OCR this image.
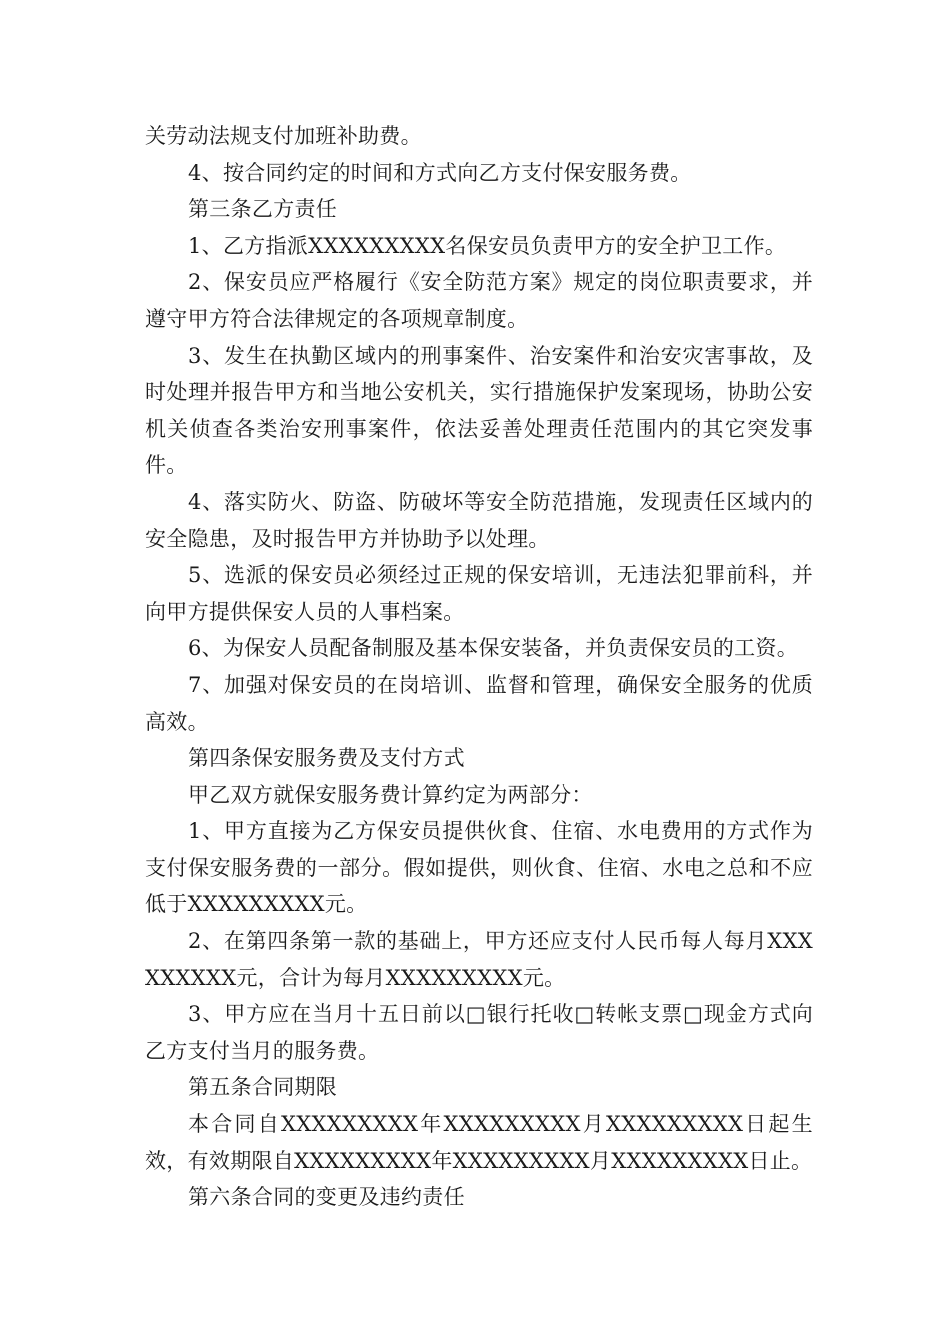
关劳动法规支付加班补助费。

4、按合同约定的时间和方式向乙方支付保安服务费。

第三条乙方责任

1、乙方指派XXXXXXXXX名保安员负责甲方的安全护卫工作。

2、保安员应严格履行《安全防范方案》规定的岗位职责要求，并遵守甲方符合法律规定的各项规章制度。

3、发生在执勤区域内的刑事案件、治安案件和治安灾害事故，及时处理并报告甲方和当地公安机关，实行措施保护发案现场，协助公安机关侦查各类治安刑事案件，依法妥善处理责任范围内的其它突发事件。

4、落实防火、防盗、防破坏等安全防范措施，发现责任区域内的安全隐患，及时报告甲方并协助予以处理。

5、选派的保安员必须经过正规的保安培训，无违法犯罪前科，并向甲方提供保安人员的人事档案。

6、为保安人员配备制服及基本保安装备，并负责保安员的工资。

7、加强对保安员的在岗培训、监督和管理，确保安全服务的优质高效。

第四条保安服务费及支付方式

甲乙双方就保安服务费计算约定为两部分：

1、甲方直接为乙方保安员提供伙食、住宿、水电费用的方式作为支付保安服务费的一部分。假如提供，则伙食、住宿、水电之总和不应低于XXXXXXXXX元。

2、在第四条第一款的基础上，甲方还应支付人民币每人每月XXXXXXXXX元，合计为每月XXXXXXXXX元。

3、甲方应在当月十五日前以□银行托收□转帐支票□现金方式向乙方支付当月的服务费。

第五条合同期限

本合同自XXXXXXXXX年XXXXXXXXX月XXXXXXXXX日起生效，有效期限自XXXXXXXXX年XXXXXXXXX月XXXXXXXXX日止。

第六条合同的变更及违约责任
